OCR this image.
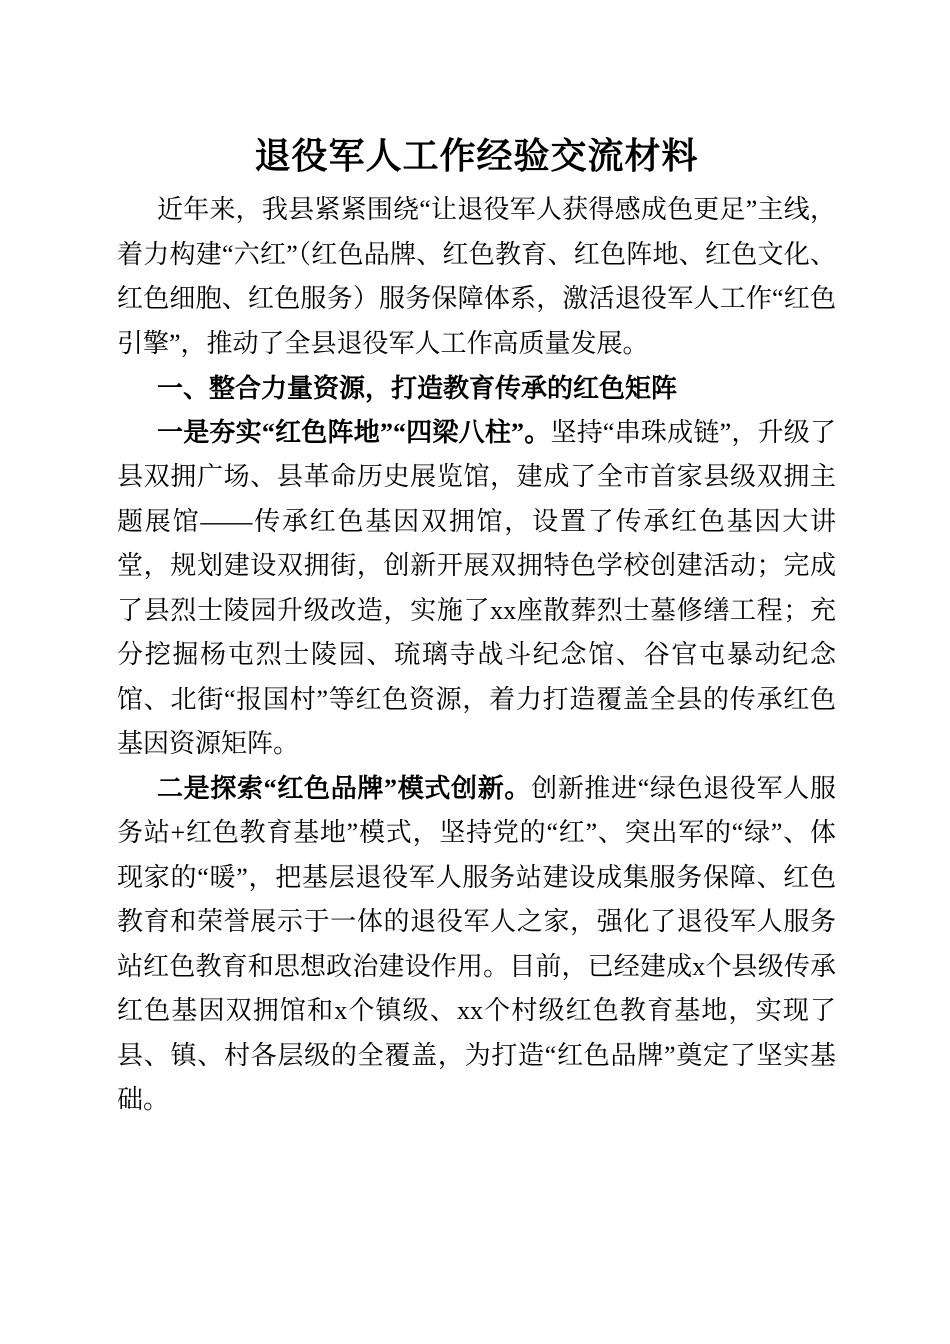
退役军人工作经验交流材料

近年来，我县紧紧围绕“让退役军人获得感成色更足”主线，着力构建“六红”（红色品牌、红色教育、红色阵地、红色文化、红色细胞、红色服务）服务保障体系，激活退役军人工作“红色引擎”，推动了全县退役军人工作高质量发展。

一、整合力量资源，打造教育传承的红色矩阵

一是夯实“红色阵地”“四梁八柱”。坚持“串珠成链”，升级了县双拥广场、县革命历史展览馆，建成了全市首家县级双拥主题展馆——传承红色基因双拥馆，设置了传承红色基因大讲堂，规划建设双拥街，创新开展双拥特色学校创建活动；完成了县烈士陵园升级改造，实施了xx座散葬烈士墓修缮工程；充分挖掘杨屯烈士陵园、琉璃寺战斗纪念馆、谷官屯暴动纪念馆、北街“报国村”等红色资源，着力打造覆盖全县的传承红色基因资源矩阵。

二是探索“红色品牌”模式创新。创新推进“绿色退役军人服务站+红色教育基地”模式，坚持党的“红”、突出军的“绿”、体现家的“暖”，把基层退役军人服务站建设成集服务保障、红色教育和荣誉展示于一体的退役军人之家，强化了退役军人服务站红色教育和思想政治建设作用。目前，已经建成x个县级传承红色基因双拥馆和x个镇级、xx个村级红色教育基地，实现了县、镇、村各层级的全覆盖，为打造“红色品牌”奠定了坚实基础。
